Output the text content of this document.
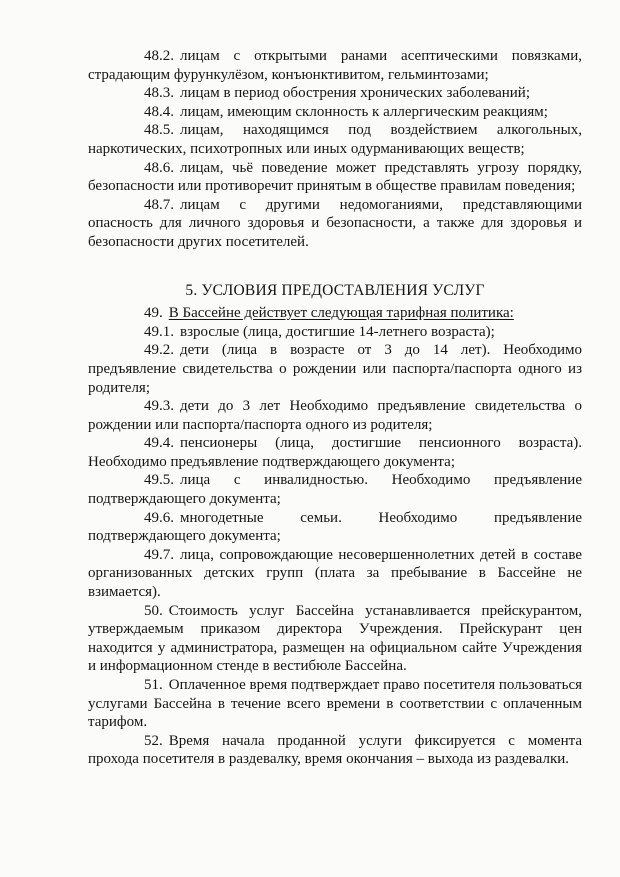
48.2. лицам с открытыми ранами асептическими повязками, страдающим фурункулёзом, конъюнктивитом, гельминтозами;

48.3. лицам в период обострения хронических заболеваний;

48.4. лицам, имеющим склонность к аллергическим реакциям;

48.5. лицам, находящимся под воздействием алкогольных, наркотических, психотропных или иных одурманивающих веществ;

48.6. лицам, чьё поведение может представлять угрозу порядку, безопасности или противоречит принятым в обществе правилам поведения;

48.7. лицам с другими недомоганиями, представляющими опасность для личного здоровья и безопасности, а также для здоровья и безопасности других посетителей.

5. УСЛОВИЯ ПРЕДОСТАВЛЕНИЯ УСЛУГ

49. В Бассейне действует следующая тарифная политика:

49.1. взрослые (лица, достигшие 14-летнего возраста);

49.2. дети (лица в возрасте от 3 до 14 лет). Необходимо предъявление свидетельства о рождении или паспорта/паспорта одного из родителя;

49.3. дети до 3 лет Необходимо предъявление свидетельства о рождении или паспорта/паспорта одного из родителя;

49.4. пенсионеры (лица, достигшие пенсионного возраста). Необходимо предъявление подтверждающего документа;

49.5. лица с инвалидностью. Необходимо предъявление подтверждающего документа;

49.6. многодетные семьи. Необходимо предъявление подтверждающего документа;

49.7. лица, сопровождающие несовершеннолетних детей в составе организованных детских групп (плата за пребывание в Бассейне не взимается).

50. Стоимость услуг Бассейна устанавливается прейскурантом, утверждаемым приказом директора Учреждения. Прейскурант цен находится у администратора, размещен на официальном сайте Учреждения и информационном стенде в вестибюле Бассейна.

51. Оплаченное время подтверждает право посетителя пользоваться услугами Бассейна в течение всего времени в соответствии с оплаченным тарифом.

52. Время начала проданной услуги фиксируется с момента прохода посетителя в раздевалку, время окончания – выхода из раздевалки.
